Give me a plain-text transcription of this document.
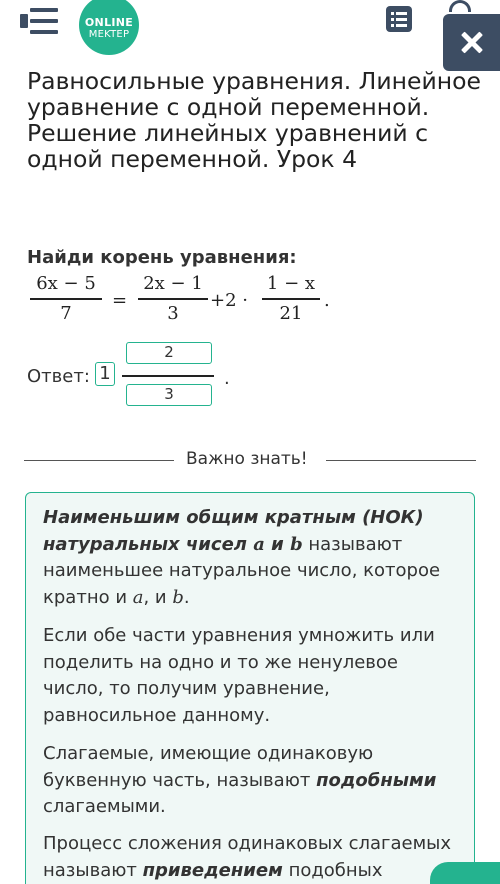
ONLINE
MEKTEP
Равносильные уравнения. Линейное уравнение с одной переменной. Решение линейных уравнений с одной переменной. Урок 4
Найди корень уравнения:
6x − 5
7
=
2x − 1
3
+2 ·
1 − x
21
.
Ответ: 1
2
3
.
Важно знать!

Наименьшим общим кратным (НОК) натуральных чисел a и b называют наименьшее натуральное число, которое кратно и a, и b.

Если обе части уравнения умножить или поделить на одно и то же ненулевое число, то получим уравнение, равносильное данному.

Слагаемые, имеющие одинаковую буквенную часть, называют подобными слагаемыми.

Процесс сложения одинаковых слагаемых называют приведением подобных
